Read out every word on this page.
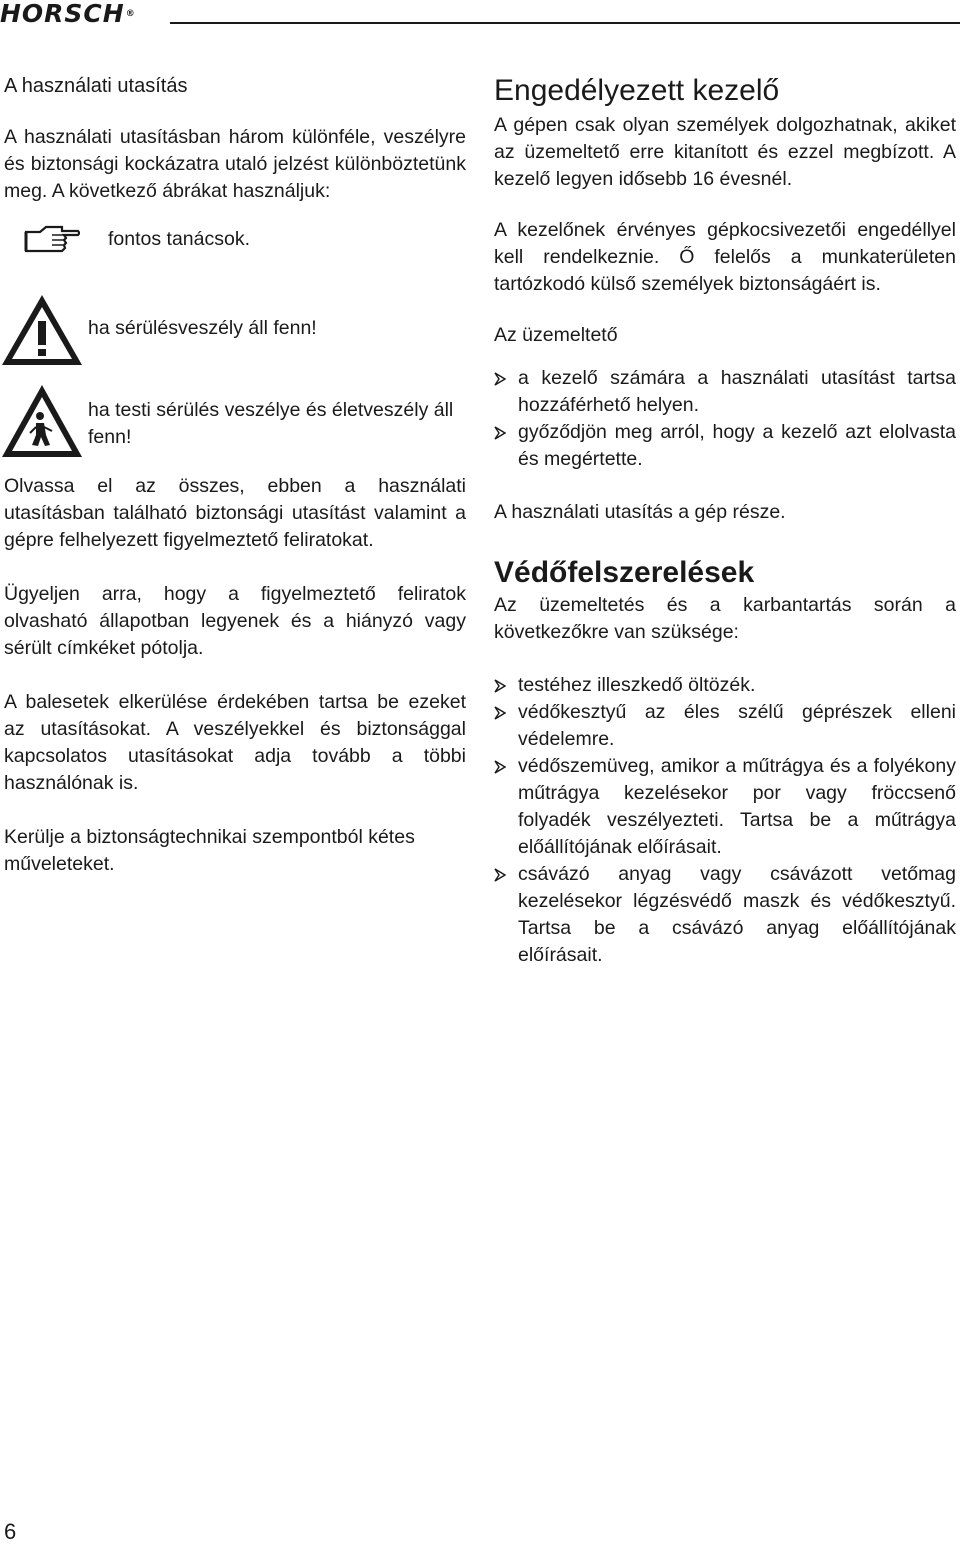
HORSCH®
A használati utasítás

A használati utasításban három különféle, veszélyre és biztonsági kockázatra utaló jelzést különböztetünk meg. A következő ábrákat használjuk:

fontos tanácsok.
ha sérülésveszély áll fenn!
ha testi sérülés veszélye és életveszély áll fenn!

Olvassa el az összes, ebben a használati utasításban található biztonsági utasítást valamint a gépre felhelyezett figyelmeztető feliratokat.

Ügyeljen arra, hogy a figyelmeztető feliratok olvasható állapotban legyenek és a hiányzó vagy sérült címkéket pótolja.

A balesetek elkerülése érdekében tartsa be ezeket az utasításokat. A veszélyekkel és biztonsággal kapcsolatos utasításokat adja tovább a többi használónak is.

Kerülje a biztonságtechnikai szempontból kétes műveleteket.

Engedélyezett kezelő

A gépen csak olyan személyek dolgozhatnak, akiket az üzemeltető erre kitanított és ezzel megbízott. A kezelő legyen idősebb 16 évesnél.

A kezelőnek érvényes gépkocsivezetői engedéllyel kell rendelkeznie. Ő felelős a munkaterületen tartózkodó külső személyek biztonságáért is.

Az üzemeltető

a kezelő számára a használati utasítást tartsa hozzáférhető helyen.
győződjön meg arról, hogy a kezelő azt elolvasta és megértette.

A használati utasítás a gép része.

Védőfelszerelések

Az üzemeltetés és a karbantartás során a következőkre van szüksége:

testéhez illeszkedő öltözék.
védőkesztyű az éles szélű géprészek elleni védelemre.
védőszemüveg, amikor a műtrágya és a folyékony műtrágya kezelésekor por vagy fröccsenő folyadék veszélyezteti. Tartsa be a műtrágya előállítójának előírásait.
csávázó anyag vagy csávázott vetőmag kezelésekor légzésvédő maszk és védőkesztyű. Tartsa be a csávázó anyag előállítójának előírásait.
6
